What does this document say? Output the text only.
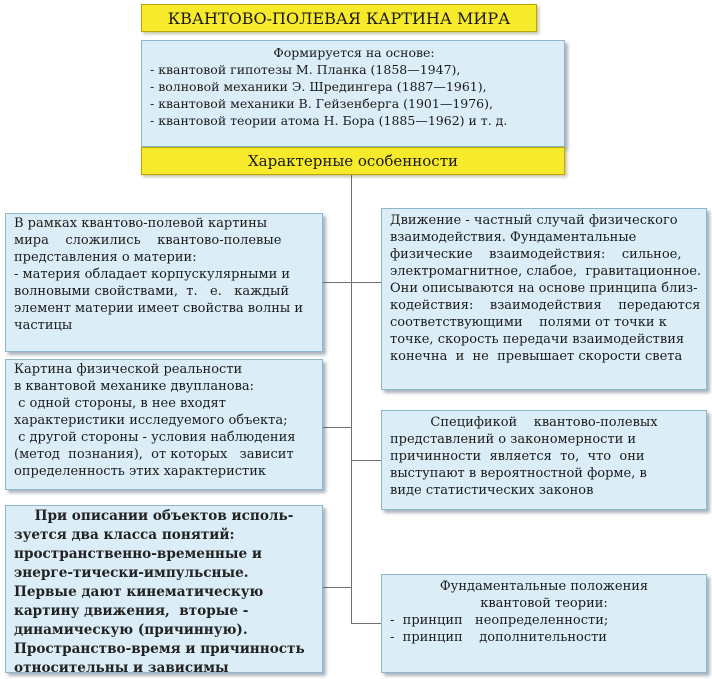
КВАНТОВО-ПОЛЕВАЯ КАРТИНА МИРА

Формируется на основе:

- квантовой гипотезы М. Планка (1858—1947),

- волновой механики Э. Шредингера (1887—1961),

- квантовой механики В. Гейзенберга (1901—1976),

- квантовой теории атома Н. Бора (1885—1962) и т. д.

Характерные особенности

В рамках квантово-полевой картины

мира    сложились    квантово-полевые

представления о материи:

- материя обладает корпускулярными и

волновыми свойствами,  т.   е.   каждый

элемент материи имеет свойства волны и

частицы

Картина физической реальности

в квантовой механике двупланова:

с одной стороны, в нее входят

характеристики исследуемого объекта;

с другой стороны - условия наблюдения

(метод  познания),  от которых   зависит

определенность этих характеристик

При описании объектов исполь-

зуется два класса понятий:

пространственно-временные и

энерге-тически-импульсные.

Первые дают кинематическую

картину движения,  вторые -

динамическую (причинную).

Пространство-время и причинность

относительны и зависимы

Движение - частный случай физического

взаимодействия. Фундаментальные

физические    взаимодействия:    сильное,

электромагнитное, слабое,  гравитационное.

Они описываются на основе принципа близ-

кодействия:    взаимодействия    передаются

соответствующими    полями от точки к

точке, скорость передачи взаимодействия

конечна  и  не  превышает скорости света

Спецификой    квантово-полевых

представлений о закономерности и

причинности  является  то,  что  они

выступают в вероятностной форме, в

виде статистических законов

Фундаментальные положения

квантовой теории:

-  принцип   неопределенности;

-  принцип    дополнительности
